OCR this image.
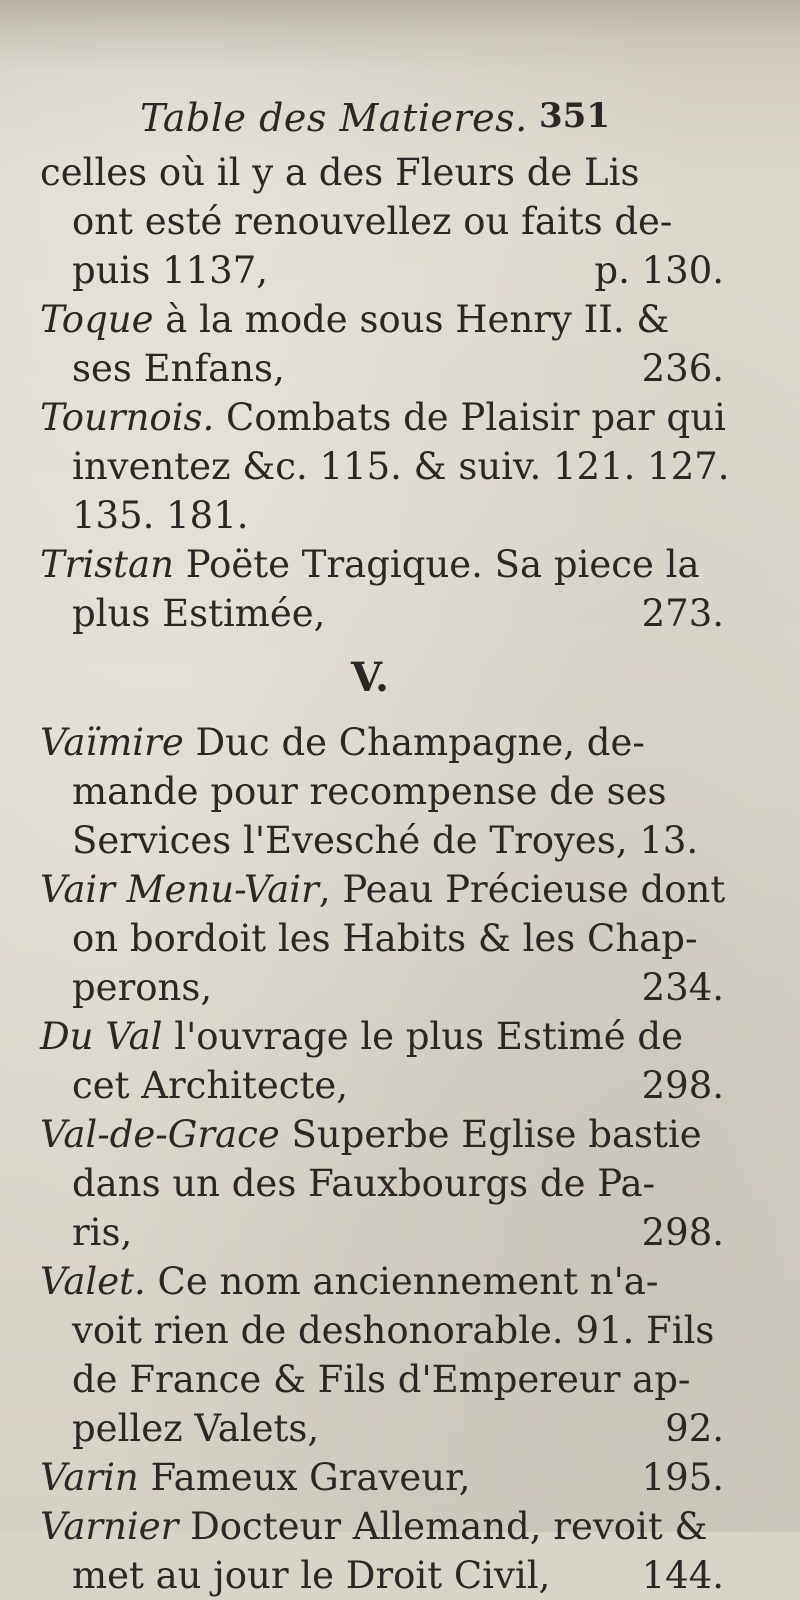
Table des Matieres. 351
celles où il y a des Fleurs de Lis
ont esté renouvellez ou faits de-
puis 1137,	p. 130.
Toque à la mode sous Henry II. &
ses Enfans,	236.
Tournois. Combats de Plaisir par qui
inventez &c. 115. & suiv. 121. 127.
135. 181.
Tristan Poëte Tragique. Sa piece la
plus Estimée,	273.
V.
Vaïmire Duc de Champagne, de-
mande pour recompense de ses
Services l'Evesché de Troyes, 13.
Vair Menu-Vair, Peau Précieuse dont
on bordoit les Habits & les Chap-
perons,	234.
Du Val l'ouvrage le plus Estimé de
cet Architecte,	298.
Val-de-Grace Superbe Eglise bastie
dans un des Fauxbourgs de Pa-
ris,	298.
Valet. Ce nom anciennement n'a-
voit rien de deshonorable. 91. Fils
de France & Fils d'Empereur ap-
pellez Valets,	92.
Varin Fameux Graveur,	195.
Varnier Docteur Allemand, revoit &
met au jour le Droit Civil, 144.
